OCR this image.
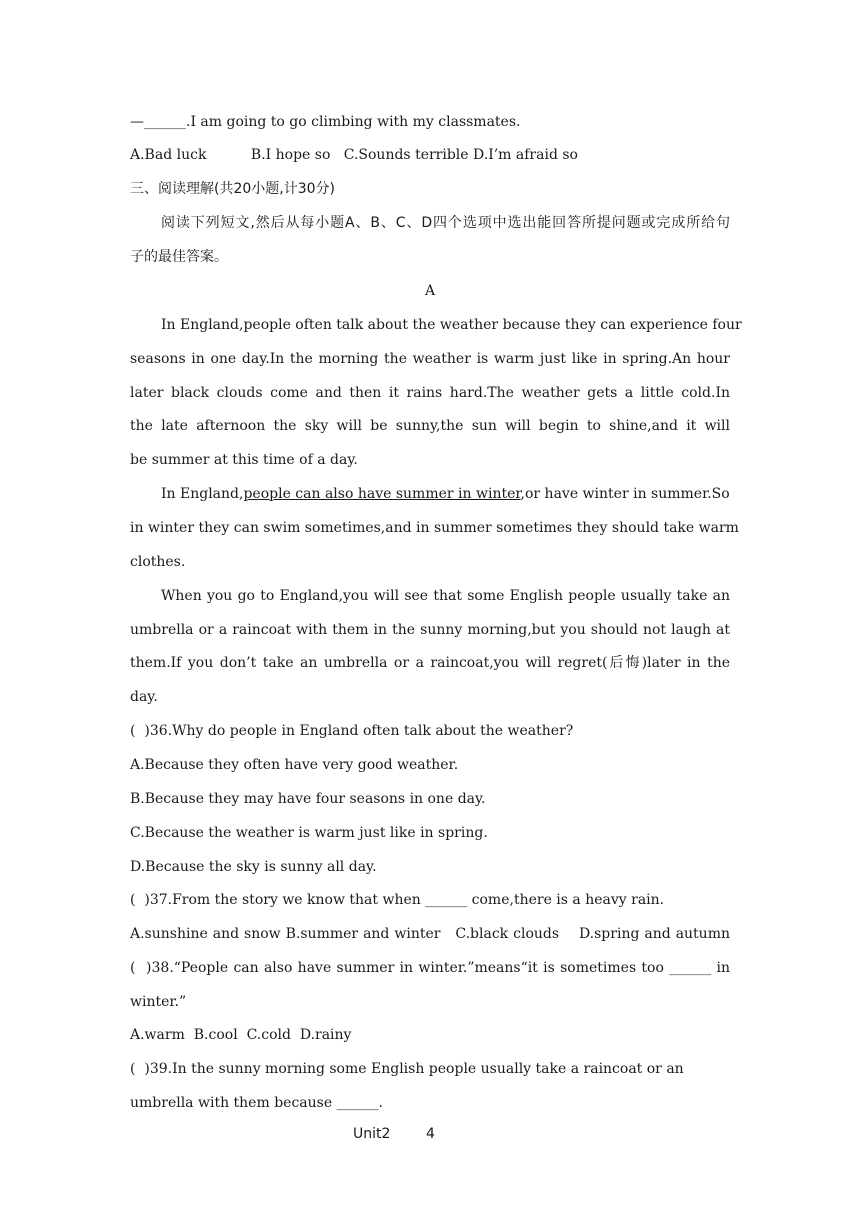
—______.I am going to go climbing with my classmates.
A.Bad luck          B.I hope so   C.Sounds terrible D.I’m afraid so
三、阅读理解(共20小题,计30分)
阅读下列短文,然后从每小题A、B、C、D四个选项中选出能回答所提问题或完成所给句
子的最佳答案。
A
In England,people often talk about the weather because they can experience four
seasons in one day.In the morning the weather is warm just like in spring.An hour
later black clouds come and then it rains hard.The weather gets a little cold.In
the late afternoon the sky will be sunny,the sun will begin to shine,and it will
be summer at this time of a day.
In England,people can also have summer in winter,or have winter in summer.So
in winter they can swim sometimes,and in summer sometimes they should take warm
clothes.
When you go to England,you will see that some English people usually take an
umbrella or a raincoat with them in the sunny morning,but you should not laugh at
them.If you don’t take an umbrella or a raincoat,you will regret(后悔)later in the
day.
(  )36.Why do people in England often talk about the weather?
A.Because they often have very good weather.
B.Because they may have four seasons in one day.
C.Because the weather is warm just like in spring.
D.Because the sky is sunny all day.
(  )37.From the story we know that when ______ come,there is a heavy rain.
A.sunshine and snow B.summer and winter   C.black clouds    D.spring and autumn
(  )38.“People can also have summer in winter.”means“it is sometimes too ______ in
winter.”
A.warm  B.cool  C.cold  D.rainy
(  )39.In the sunny morning some English people usually take a raincoat or an
umbrella with them because ______.
Unit2	4
